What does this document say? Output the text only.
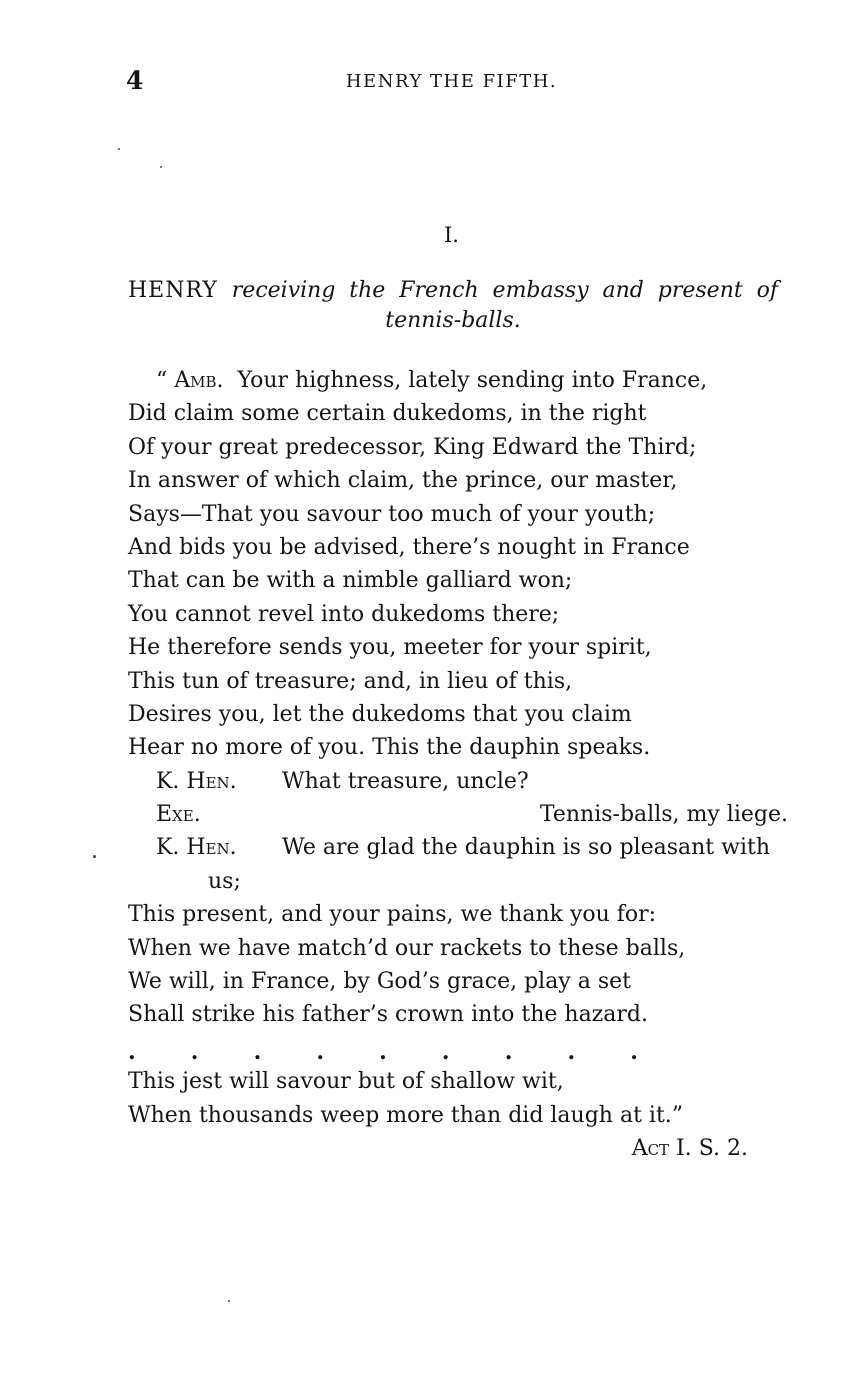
4	HENRY THE FIFTH.
I.
HENRY receiving the French embassy and present of
tennis-balls.
“ Amb.  Your highness, lately sending into France,
Did claim some certain dukedoms, in the right
Of your great predecessor, King Edward the Third;
In answer of which claim, the prince, our master,
Says—That you savour too much of your youth;
And bids you be advised, there’s nought in France
That can be with a nimble galliard won;
You cannot revel into dukedoms there;
He therefore sends you, meeter for your spirit,
This tun of treasure; and, in lieu of this,
Desires you, let the dukedoms that you claim
Hear no more of you. This the dauphin speaks.
K. Hen.	What treasure, uncle?
Exe.	Tennis-balls, my liege.
K. Hen.	We are glad the dauphin is so pleasant with
us;
This present, and your pains, we thank you for:
When we have match’d our rackets to these balls,
We will, in France, by God’s grace, play a set
Shall strike his father’s crown into the hazard.
.	.	.	.	.	.	.	.	.
This jest will savour but of shallow wit,
When thousands weep more than did laugh at it.”
Act I. S. 2.
